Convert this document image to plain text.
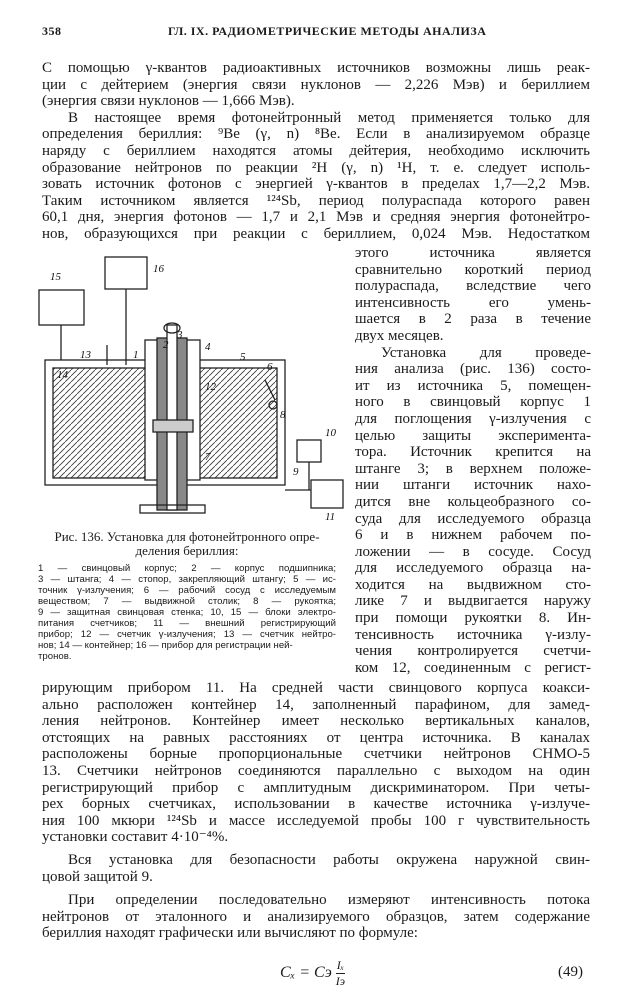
358	ГЛ. IX. РАДИОМЕТРИЧЕСКИЕ МЕТОДЫ АНАЛИЗА
С помощью γ-квантов радиоактивных источников возможны лишь реак-
ции с дейтерием (энергия связи нуклонов — 2,226 Мэв) и бериллием
(энергия связи нуклонов — 1,666 Мэв).
В настоящее время фотонейтронный метод применяется только для
определения бериллия: ⁹Be (γ, n) ⁸Be. Если в анализируемом образце
наряду с бериллием находятся атомы дейтерия, необходимо исключить
образование нейтронов по реакции ²H (γ, n) ¹H, т. е. следует исполь-
зовать источник фотонов с энергией γ-квантов в пределах 1,7—2,2 Мэв.
Таким источником является ¹²⁴Sb, период полураспада которого равен
60,1 дня, энергия фотонов — 1,7 и 2,1 Мэв и средняя энергия фотонейтро-
нов, образующихся при реакции с бериллием, 0,024 Мэв. Недостатком
этого источника является
сравнительно короткий период
полураспада, вследствие чего
интенсивность его умень-
шается в 2 раза в течение
двух месяцев.
Установка для проведе-
ния анализа (рис. 136) состо-
ит из источника 5, помещен-
ного в свинцовый корпус 1
для поглощения γ-излучения с
целью защиты эксперимента-
тора. Источник крепится на
штанге 3; в верхнем положе-
нии штанги источник нахо-
дится вне кольцеобразного со-
суда для исследуемого образца
6 и в нижнем рабочем по-
ложении — в сосуде. Сосуд
для исследуемого образца на-
ходится на выдвижном сто-
лике 7 и выдвигается наружу
при помощи рукоятки 8. Ин-
тенсивность источника γ-излу-
чения контролируется счетчи-
ком 12, соединенным с регист-
рирующим прибором 11. На средней части свинцового корпуса коакси-
ально расположен контейнер 14, заполненный парафином, для замед-
ления нейтронов. Контейнер имеет несколько вертикальных каналов,
отстоящих на равных расстояниях от центра источника. В каналах
расположены борные пропорциональные счетчики нейтронов СНМО-5
13. Счетчики нейтронов соединяются параллельно с выходом на один
регистрирующий прибор с амплитудным дискриминатором. При четы-
рех борных счетчиках, использовании в качестве источника γ-излуче-
ния 100 мкюри ¹²⁴Sb и массе исследуемой пробы 100 г чувствительность
установки составит 4·10⁻⁴%.
Вся установка для безопасности работы окружена наружной свин-
цовой защитой 9.
При определении последовательно измеряют интенсивность потока
нейтронов от эталонного и анализируемого образцов, затем содержание
бериллия находят графически или вычисляют по формуле:
1
2
3
4
5
6
7
8
9
10
11
12
13
14
15
16
Рис. 136. Установка для фотонейтронного опре-
деления бериллия:
1 — свинцовый корпус; 2 — корпус подшипника;
3 — штанга; 4 — стопор, закрепляющий штангу; 5 — ис-
точник γ-излучения; 6 — рабочий сосуд с исследуемым
веществом; 7 — выдвижной столик; 8 — рукоятка;
9 — защитная свинцовая стенка; 10, 15 — блоки электро-
питания счетчиков; 11 — внешний регистрирующий
прибор; 12 — счетчик γ-излучения; 13 — счетчик нейтро-
нов; 14 — контейнер; 16 — прибор для регистрации ней-
тронов.
Cₓ = Cэ Iₓ
Iэ
(49)
